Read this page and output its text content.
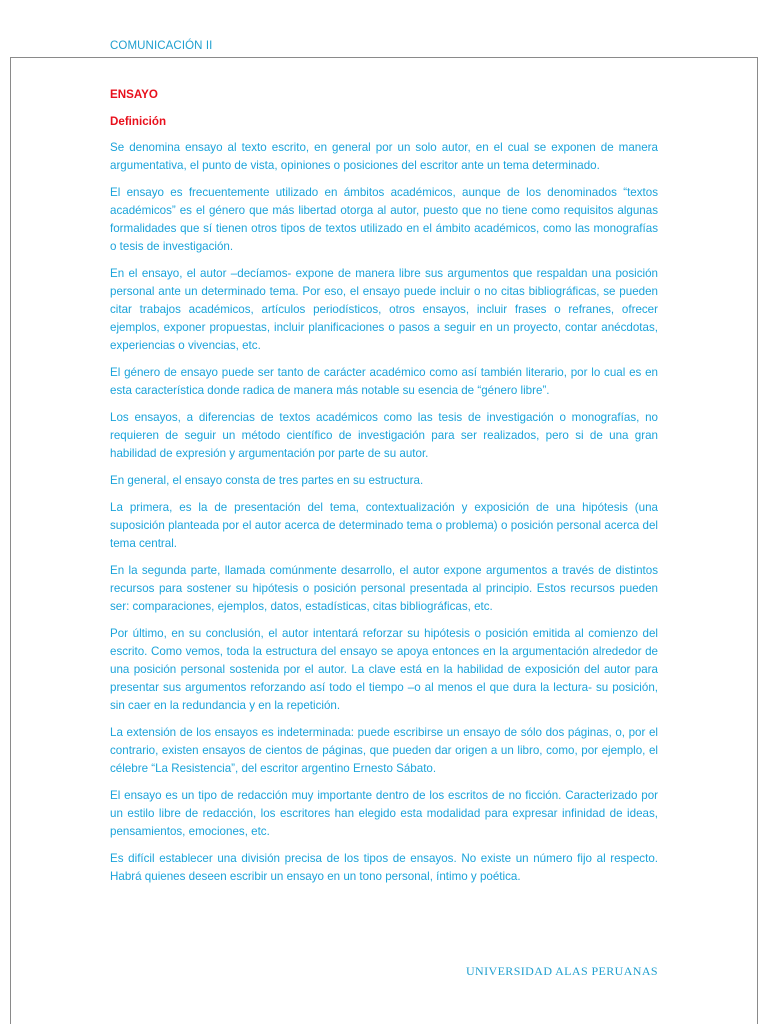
COMUNICACIÓN II
ENSAYO
Definición

Se denomina ensayo al texto escrito, en general por un solo autor, en el cual se exponen de manera argumentativa, el punto de vista, opiniones o posiciones del escritor ante un tema determinado.

El ensayo es frecuentemente utilizado en ámbitos académicos, aunque de los denominados “textos académicos” es el género que más libertad otorga al autor, puesto que no tiene como requisitos algunas formalidades que sí tienen otros tipos de textos utilizado en el ámbito académicos, como las monografías o tesis de investigación.

En el ensayo, el autor –decíamos- expone de manera libre sus argumentos que respaldan una posición personal ante un determinado tema. Por eso, el ensayo puede incluir o no citas bibliográficas, se pueden citar trabajos académicos, artículos periodísticos, otros ensayos, incluir frases o refranes, ofrecer ejemplos, exponer propuestas, incluir planificaciones o pasos a seguir en un proyecto, contar anécdotas, experiencias o vivencias, etc.

El género de ensayo puede ser tanto de carácter académico como así también literario, por lo cual es en esta característica donde radica de manera más notable su esencia de “género libre”.

Los ensayos, a diferencias de textos académicos como las tesis de investigación o monografías, no requieren de seguir un método científico de investigación para ser realizados, pero si de una gran habilidad de expresión y argumentación por parte de su autor.

En general, el ensayo consta de tres partes en su estructura.

La primera, es la de presentación del tema, contextualización y exposición de una hipótesis (una suposición planteada por el autor acerca de determinado tema o problema) o posición personal acerca del tema central.

En la segunda parte, llamada comúnmente desarrollo, el autor expone argumentos a través de distintos recursos para sostener su hipótesis o posición personal presentada al principio. Estos recursos pueden ser: comparaciones, ejemplos, datos, estadísticas, citas bibliográficas, etc.

Por último, en su conclusión, el autor intentará reforzar su hipótesis o posición emitida al comienzo del escrito. Como vemos, toda la estructura del ensayo se apoya entonces en la argumentación alrededor de una posición personal sostenida por el autor. La clave está en la habilidad de exposición del autor para presentar sus argumentos reforzando así todo el tiempo –o al menos el que dura la lectura- su posición, sin caer en la redundancia y en la repetición.

La extensión de los ensayos es indeterminada: puede escribirse un ensayo de sólo dos páginas, o, por el contrario, existen ensayos de cientos de páginas, que pueden dar origen a un libro, como, por ejemplo, el célebre “La Resistencia”, del escritor argentino Ernesto Sábato.

El ensayo es un tipo de redacción muy importante dentro de los escritos de no ficción. Caracterizado por un estilo libre de redacción, los escritores han elegido esta modalidad para expresar infinidad de ideas, pensamientos, emociones, etc.

Es difícil establecer una división precisa de los tipos de ensayos. No existe un número fijo al respecto. Habrá quienes deseen escribir un ensayo en un tono personal, íntimo y poética.

UNIVERSIDAD ALAS PERUANAS
